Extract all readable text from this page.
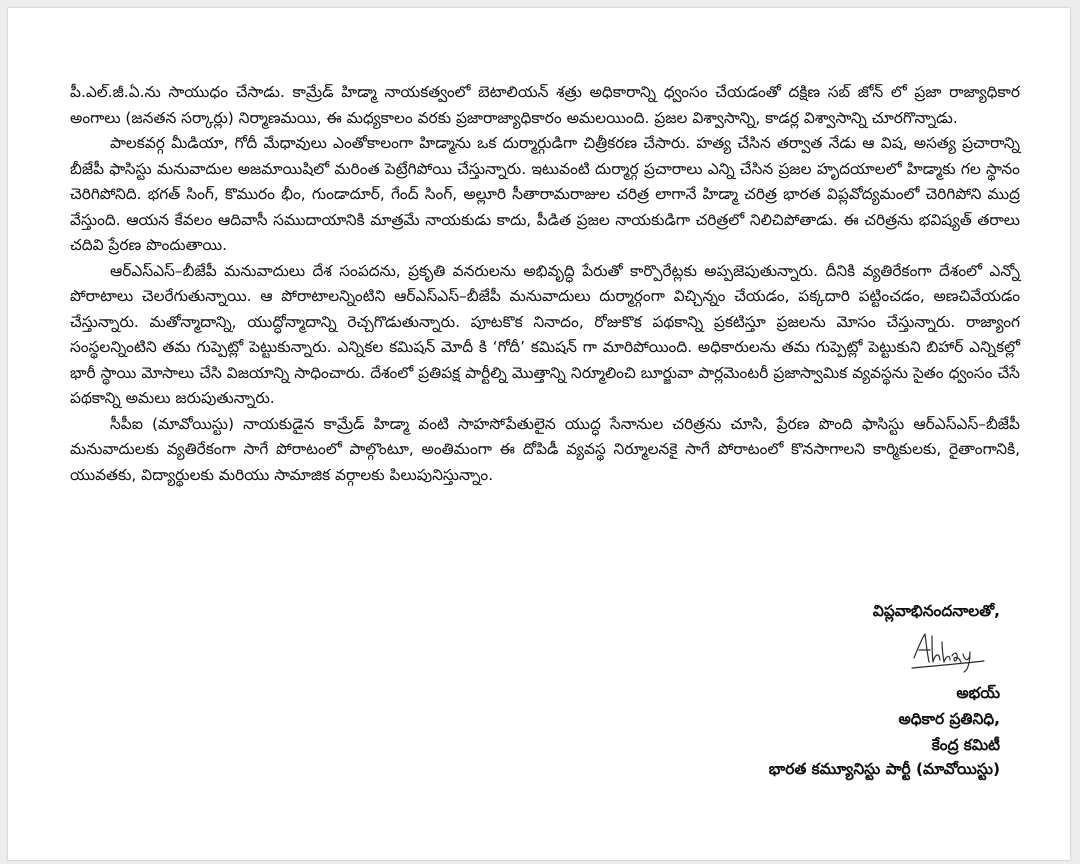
పీ.ఎల్.జీ.ఏ.ను సాయుధం చేసాడు. కామ్రేడ్ హిడ్మా నాయకత్వంలో బెటాలియన్ శత్రు అధికారాన్ని ధ్వంసం చేయడంతో దక్షిణ సబ్ జోన్ లో ప్రజా రాజ్యాధికార అంగాలు (జనతన సర్కార్లు) నిర్మాణమయి, ఈ మధ్యకాలం వరకు ప్రజారాజ్యాధికారం అమలయింది. ప్రజల విశ్వాసాన్ని, కాడర్ల విశ్వాసాన్ని చూరగొన్నాడు.

పాలకవర్గ మీడియా, గోదీ మేధావులు ఎంతోకాలంగా హిడ్మాను ఒక దుర్మార్గుడిగా చిత్రీకరణ చేసారు. హత్య చేసిన తర్వాత నేడు ఆ విష, అసత్య ప్రచారాన్ని బీజేపీ ఫాసిస్టు మనువాదుల అజమాయిషిలో మరింత పెట్రేగిపోయి చేస్తున్నారు. ఇటువంటి దుర్మార్గ ప్రచారాలు ఎన్ని చేసిన ప్రజల హృదయాలలో హిడ్మాకు గల స్థానం చెరిగిపోనిది. భగత్ సింగ్, కొమురం భీం, గుండాదూర్, గేంద్ సింగ్, అల్లూరి సీతారామరాజుల చరిత్ర లాగానే హిడ్మా చరిత్ర భారత విప్లవోద్యమంలో చెరిగిపోని ముద్ర వేస్తుంది. ఆయన కేవలం ఆదివాసీ సముదాయానికి మాత్రమే నాయకుడు కాదు, పీడిత ప్రజల నాయకుడిగా చరిత్రలో నిలిచిపోతాడు. ఈ చరిత్రను భవిష్యత్ తరాలు చదివి ప్రేరణ పొందుతాయి.

ఆర్ఎస్ఎస్–బీజేపీ మనువాదులు దేశ సంపదను, ప్రకృతి వనరులను అభివృద్ధి పేరుతో కార్పొరేట్లకు అప్పజెపుతున్నారు. దీనికి వ్యతిరేకంగా దేశంలో ఎన్నో పోరాటాలు చెలరేగుతున్నాయి. ఆ పోరాటాలన్నింటిని ఆర్ఎస్ఎస్–బీజేపీ మనువాదులు దుర్మార్గంగా విచ్చిన్నం చేయడం, పక్కదారి పట్టించడం, అణచివేయడం చేస్తున్నారు. మతోన్మాదాన్ని, యుద్ధోన్మాదాన్ని రెచ్చగొడుతున్నారు. పూటకొక నినాదం, రోజుకొక పథకాన్ని ప్రకటిస్తూ ప్రజలను మోసం చేస్తున్నారు. రాజ్యాంగ సంస్థలన్నింటిని తమ గుప్పెట్లో పెట్టుకున్నారు. ఎన్నికల కమిషన్ మోదీ కి ‘గోదీ’ కమిషన్ గా మారిపోయింది. అధికారులను తమ గుప్పెట్లో పెట్టుకుని బిహార్ ఎన్నికల్లో భారీ స్థాయి మోసాలు చేసి విజయాన్ని సాధించారు. దేశంలో ప్రతిపక్ష పార్టీల్ని మొత్తాన్ని నిర్మూలించి బూర్జువా పార్లమెంటరీ ప్రజాస్వామిక వ్యవస్థను సైతం ధ్వంసం చేసే పథకాన్ని అమలు జరుపుతున్నారు.

సీపీఐ (మావోయిస్టు) నాయకుడైన కామ్రేడ్ హిడ్మా వంటి సాహసోపేతులైన యుద్ధ సేనానుల చరిత్రను చూసి, ప్రేరణ పొంది ఫాసిస్టు ఆర్ఎస్ఎస్–బీజేపీ మనువాదులకు వ్యతిరేకంగా సాగే పోరాటంలో పాల్గొంటూ, అంతిమంగా ఈ దోపిడీ వ్యవస్థ నిర్మూలనకై సాగే పోరాటంలో కొనసాగాలని కార్మికులకు, రైతాంగానికి, యువతకు, విద్యార్థులకు మరియు సామాజిక వర్గాలకు పిలుపునిస్తున్నాం.

విప్లవాభినందనాలతో,
అభయ్
అధికార ప్రతినిధి,
కేంద్ర కమిటీ
భారత కమ్యూనిస్టు పార్టీ (మావోయిస్టు)
